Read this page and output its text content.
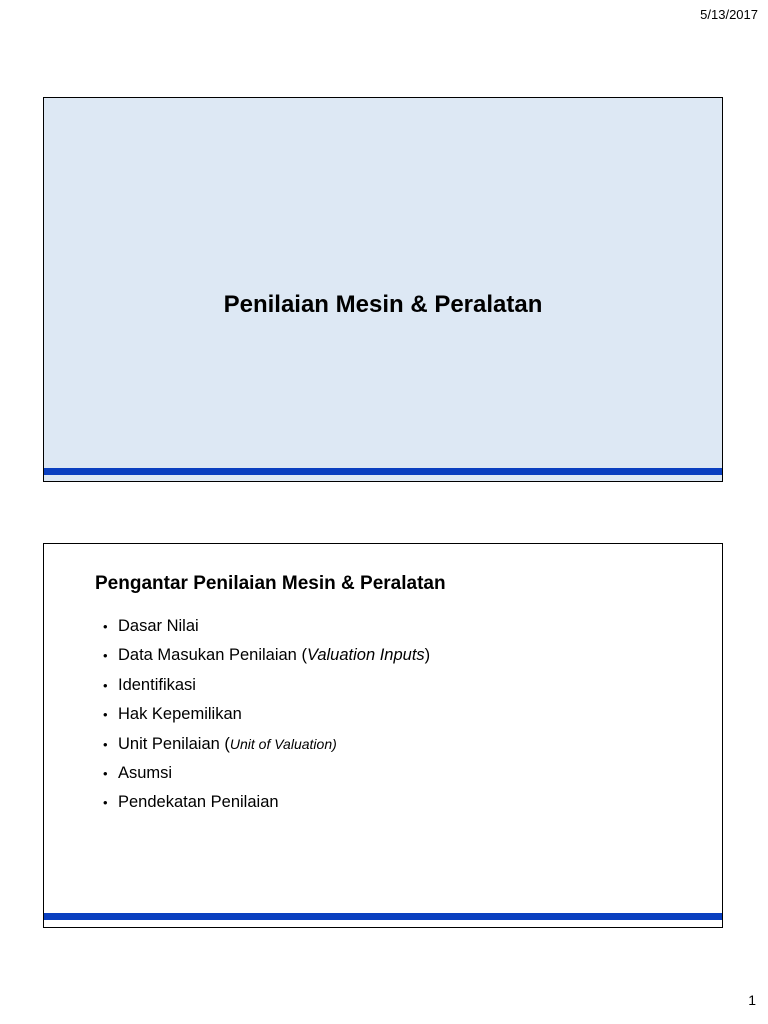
5/13/2017
Penilaian Mesin & Peralatan
Pengantar Penilaian Mesin & Peralatan
• Dasar Nilai
• Data Masukan Penilaian (Valuation Inputs)
• Identifikasi
• Hak Kepemilikan
• Unit Penilaian (Unit of Valuation)
• Asumsi
• Pendekatan Penilaian
1
